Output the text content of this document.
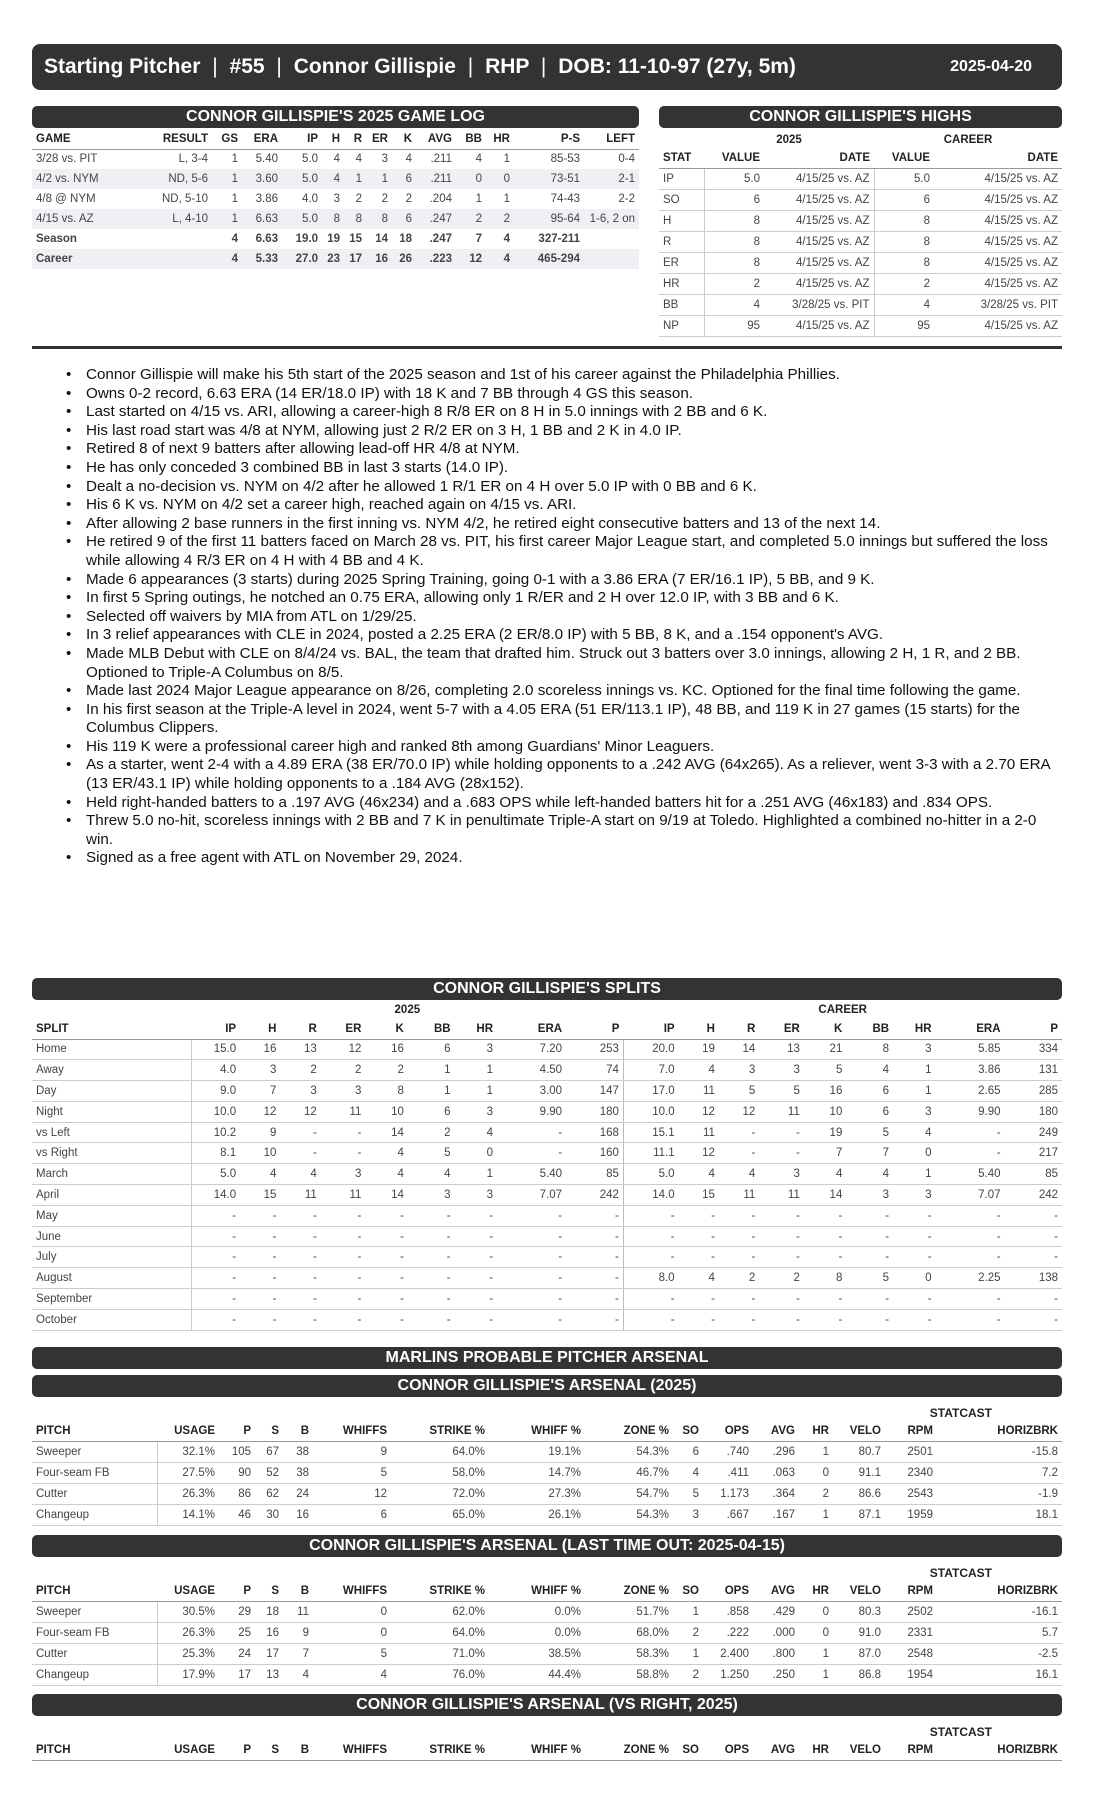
Starting Pitcher | #55 | Connor Gillispie | RHP | DOB: 11-10-97 (27y, 5m)	2025-04-20
CONNOR GILLISPIE'S 2025 GAME LOG
GAME	RESULT	GS	ERA	IP	H	R	ER	K	AVG	BB	HR	P-S	LEFT
3/28 vs. PIT	L, 3-4	1	5.40	5.0	4	4	3	4	.211	4	1	85-53	0-4
4/2 vs. NYM	ND, 5-6	1	3.60	5.0	4	1	1	6	.211	0	0	73-51	2-1
4/8 @ NYM	ND, 5-10	1	3.86	4.0	3	2	2	2	.204	1	1	74-43	2-2
4/15 vs. AZ	L, 4-10	1	6.63	5.0	8	8	8	6	.247	2	2	95-64	1-6, 2 on
Season		4	6.63	19.0	19	15	14	18	.247	7	4	327-211	
Career		4	5.33	27.0	23	17	16	26	.223	12	4	465-294	
CONNOR GILLISPIE'S HIGHS
	2025		CAREER	
STAT	VALUE	DATE	VALUE	DATE
IP	5.0	4/15/25 vs. AZ	5.0	4/15/25 vs. AZ
SO	6	4/15/25 vs. AZ	6	4/15/25 vs. AZ
H	8	4/15/25 vs. AZ	8	4/15/25 vs. AZ
R	8	4/15/25 vs. AZ	8	4/15/25 vs. AZ
ER	8	4/15/25 vs. AZ	8	4/15/25 vs. AZ
HR	2	4/15/25 vs. AZ	2	4/15/25 vs. AZ
BB	4	3/28/25 vs. PIT	4	3/28/25 vs. PIT
NP	95	4/15/25 vs. AZ	95	4/15/25 vs. AZ
• Connor Gillispie will make his 5th start of the 2025 season and 1st of his career against the Philadelphia Phillies.
• Owns 0-2 record, 6.63 ERA (14 ER/18.0 IP) with 18 K and 7 BB through 4 GS this season.
• Last started on 4/15 vs. ARI, allowing a career-high 8 R/8 ER on 8 H in 5.0 innings with 2 BB and 6 K.
• His last road start was 4/8 at NYM, allowing just 2 R/2 ER on 3 H, 1 BB and 2 K in 4.0 IP.
• Retired 8 of next 9 batters after allowing lead-off HR 4/8 at NYM.
• He has only conceded 3 combined BB in last 3 starts (14.0 IP).
• Dealt a no-decision vs. NYM on 4/2 after he allowed 1 R/1 ER on 4 H over 5.0 IP with 0 BB and 6 K.
• His 6 K vs. NYM on 4/2 set a career high, reached again on 4/15 vs. ARI.
• After allowing 2 base runners in the first inning vs. NYM 4/2, he retired eight consecutive batters and 13 of the next 14.
• He retired 9 of the first 11 batters faced on March 28 vs. PIT, his first career Major League start, and completed 5.0 innings but suffered the loss while allowing 4 R/3 ER on 4 H with 4 BB and 4 K.
• Made 6 appearances (3 starts) during 2025 Spring Training, going 0-1 with a 3.86 ERA (7 ER/16.1 IP), 5 BB, and 9 K.
• In first 5 Spring outings, he notched an 0.75 ERA, allowing only 1 R/ER and 2 H over 12.0 IP, with 3 BB and 6 K.
• Selected off waivers by MIA from ATL on 1/29/25.
• In 3 relief appearances with CLE in 2024, posted a 2.25 ERA (2 ER/8.0 IP) with 5 BB, 8 K, and a .154 opponent's AVG.
• Made MLB Debut with CLE on 8/4/24 vs. BAL, the team that drafted him. Struck out 3 batters over 3.0 innings, allowing 2 H, 1 R, and 2 BB. Optioned to Triple-A Columbus on 8/5.
• Made last 2024 Major League appearance on 8/26, completing 2.0 scoreless innings vs. KC. Optioned for the final time following the game.
• In his first season at the Triple-A level in 2024, went 5-7 with a 4.05 ERA (51 ER/113.1 IP), 48 BB, and 119 K in 27 games (15 starts) for the Columbus Clippers.
• His 119 K were a professional career high and ranked 8th among Guardians' Minor Leaguers.
• As a starter, went 2-4 with a 4.89 ERA (38 ER/70.0 IP) while holding opponents to a .242 AVG (64x265). As a reliever, went 3-3 with a 2.70 ERA (13 ER/43.1 IP) while holding opponents to a .184 AVG (28x152).
• Held right-handed batters to a .197 AVG (46x234) and a .683 OPS while left-handed batters hit for a .251 AVG (46x183) and .834 OPS.
• Threw 5.0 no-hit, scoreless innings with 2 BB and 7 K in penultimate Triple-A start on 9/19 at Toledo. Highlighted a combined no-hitter in a 2-0 win.
• Signed as a free agent with ATL on November 29, 2024.
CONNOR GILLISPIE'S SPLITS
	2025									CAREER								
SPLIT	IP	H	R	ER	K	BB	HR	ERA	P	IP	H	R	ER	K	BB	HR	ERA	P
Home	15.0	16	13	12	16	6	3	7.20	253	20.0	19	14	13	21	8	3	5.85	334
Away	4.0	3	2	2	2	1	1	4.50	74	7.0	4	3	3	5	4	1	3.86	131
Day	9.0	7	3	3	8	1	1	3.00	147	17.0	11	5	5	16	6	1	2.65	285
Night	10.0	12	12	11	10	6	3	9.90	180	10.0	12	12	11	10	6	3	9.90	180
vs Left	10.2	9	-	-	14	2	4	-	168	15.1	11	-	-	19	5	4	-	249
vs Right	8.1	10	-	-	4	5	0	-	160	11.1	12	-	-	7	7	0	-	217
March	5.0	4	4	3	4	4	1	5.40	85	5.0	4	4	3	4	4	1	5.40	85
April	14.0	15	11	11	14	3	3	7.07	242	14.0	15	11	11	14	3	3	7.07	242
May	-	-	-	-	-	-	-	-	-	-	-	-	-	-	-	-	-	-
June	-	-	-	-	-	-	-	-	-	-	-	-	-	-	-	-	-	-
July	-	-	-	-	-	-	-	-	-	-	-	-	-	-	-	-	-	-
August	-	-	-	-	-	-	-	-	-	8.0	4	2	2	8	5	0	2.25	138
September	-	-	-	-	-	-	-	-	-	-	-	-	-	-	-	-	-	-
October	-	-	-	-	-	-	-	-	-	-	-	-	-	-	-	-	-	-
MARLINS PROBABLE PITCHER ARSENAL
CONNOR GILLISPIE'S ARSENAL (2025)
STATCAST
PITCH	USAGE	P	S	B	WHIFFS	STRIKE %	WHIFF %	ZONE %	SO	OPS	AVG	HR	VELO	RPM	HORIZBRK
Sweeper	32.1%	105	67	38	9	64.0%	19.1%	54.3%	6	.740	.296	1	80.7	2501	-15.8
Four-seam FB	27.5%	90	52	38	5	58.0%	14.7%	46.7%	4	.411	.063	0	91.1	2340	7.2
Cutter	26.3%	86	62	24	12	72.0%	27.3%	54.7%	5	1.173	.364	2	86.6	2543	-1.9
Changeup	14.1%	46	30	16	6	65.0%	26.1%	54.3%	3	.667	.167	1	87.1	1959	18.1
CONNOR GILLISPIE'S ARSENAL (LAST TIME OUT: 2025-04-15)
STATCAST
PITCH	USAGE	P	S	B	WHIFFS	STRIKE %	WHIFF %	ZONE %	SO	OPS	AVG	HR	VELO	RPM	HORIZBRK
Sweeper	30.5%	29	18	11	0	62.0%	0.0%	51.7%	1	.858	.429	0	80.3	2502	-16.1
Four-seam FB	26.3%	25	16	9	0	64.0%	0.0%	68.0%	2	.222	.000	0	91.0	2331	5.7
Cutter	25.3%	24	17	7	5	71.0%	38.5%	58.3%	1	2.400	.800	1	87.0	2548	-2.5
Changeup	17.9%	17	13	4	4	76.0%	44.4%	58.8%	2	1.250	.250	1	86.8	1954	16.1
CONNOR GILLISPIE'S ARSENAL (VS RIGHT, 2025)
STATCAST
PITCH	USAGE	P	S	B	WHIFFS	STRIKE %	WHIFF %	ZONE %	SO	OPS	AVG	HR	VELO	RPM	HORIZBRK
